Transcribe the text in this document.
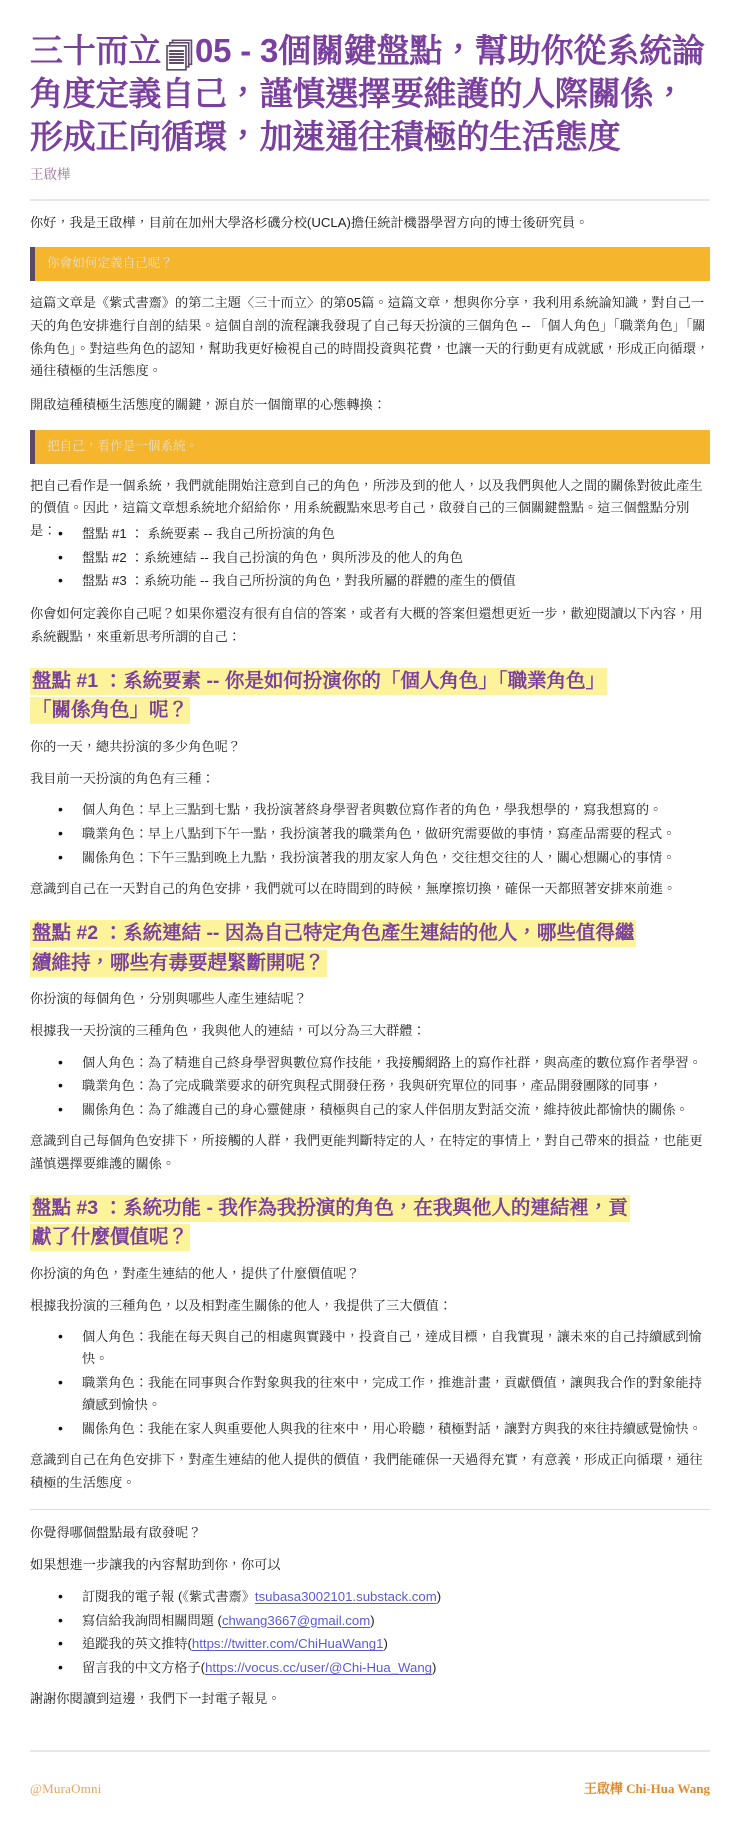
三十而立 🗐05 - 3個關鍵盤點，幫助你從系統論角度定義自己，謹慎選擇要維護的人際關係，形成正向循環，加速通往積極的生活態度
王啟樺

你好，我是王啟樺，目前在加州大學洛杉磯分校(UCLA)擔任統計機器學習方向的博士後研究員。

你會如何定義自己呢？

這篇文章是《紫式書齋》的第二主題〈三十而立〉的第05篇。這篇文章，想與你分享，我利用系統論知識，對自己一天的角色安排進行自剖的結果。這個自剖的流程讓我發現了自己每天扮演的三個角色 -- 「個人角色」「職業角色」「關係角色」。對這些角色的認知，幫助我更好檢視自己的時間投資與花費，也讓一天的行動更有成就感，形成正向循環，通往積極的生活態度。

開啟這種積極生活態度的關鍵，源自於一個簡單的心態轉換：

把自己，看作是一個系統。

把自己看作是一個系統，我們就能開始注意到自己的角色，所涉及到的他人，以及我們與他人之間的關係對彼此產生的價值。因此，這篇文章想系統地介紹給你，用系統觀點來思考自己，啟發自己的三個關鍵盤點。這三個盤點分別是：	• 盤點 #1 ： 系統要素 -- 我自己所扮演的角色
• 盤點 #2 ：系統連結 -- 我自己扮演的角色，與所涉及的他人的角色
• 盤點 #3 ：系統功能 -- 我自己所扮演的角色，對我所屬的群體的產生的價值

你會如何定義你自己呢？如果你還沒有很有自信的答案，或者有大概的答案但還想更近一步，歡迎閱讀以下內容，用系統觀點，來重新思考所謂的自己：

盤點 #1 ：系統要素 -- 你是如何扮演你的「個人角色」「職業角色」
「關係角色」呢？

你的一天，總共扮演的多少角色呢？

我目前一天扮演的角色有三種：

• 個人角色：早上三點到七點，我扮演著終身學習者與數位寫作者的角色，學我想學的，寫我想寫的。
• 職業角色：早上八點到下午一點，我扮演著我的職業角色，做研究需要做的事情，寫產品需要的程式。
• 關係角色：下午三點到晚上九點，我扮演著我的朋友家人角色，交往想交往的人，關心想關心的事情。

意識到自己在一天對自己的角色安排，我們就可以在時間到的時候，無摩擦切換，確保一天都照著安排來前進。

盤點 #2 ：系統連結 -- 因為自己特定角色產生連結的他人，哪些值得繼
續維持，哪些有毒要趕緊斷開呢？

你扮演的每個角色，分別與哪些人產生連結呢？

根據我一天扮演的三種角色，我與他人的連結，可以分為三大群體：

• 個人角色：為了精進自己終身學習與數位寫作技能，我接觸網路上的寫作社群，與高產的數位寫作者學習。
• 職業角色：為了完成職業要求的研究與程式開發任務，我與研究單位的同事，產品開發團隊的同事，
• 關係角色：為了維護自己的身心靈健康，積極與自己的家人伴侶朋友對話交流，維持彼此都愉快的關係。

意識到自己每個角色安排下，所接觸的人群，我們更能判斷特定的人，在特定的事情上，對自己帶來的損益，也能更謹慎選擇要維護的關係。

盤點 #3 ：系統功能 - 我作為我扮演的角色，在我與他人的連結裡，貢
獻了什麼價值呢？

你扮演的角色，對產生連結的他人，提供了什麼價值呢？

根據我扮演的三種角色，以及相對產生關係的他人，我提供了三大價值：

• 個人角色：我能在每天與自己的相處與實踐中，投資自己，達成目標，自我實現，讓未來的自己持續感到愉快。
• 職業角色：我能在同事與合作對象與我的往來中，完成工作，推進計畫，貢獻價值，讓與我合作的對象能持續感到愉快。
• 關係角色：我能在家人與重要他人與我的往來中，用心聆聽，積極對話，讓對方與我的來往持續感覺愉快。

意識到自己在角色安排下，對產生連結的他人提供的價值，我們能確保一天過得充實，有意義，形成正向循環，通往積極的生活態度。

你覺得哪個盤點最有啟發呢？

如果想進一步讓我的內容幫助到你，你可以

• 訂閱我的電子報 (《紫式書齋》tsubasa3002101.substack.com)
• 寫信給我詢問相關問題 (chwang3667@gmail.com)
• 追蹤我的英文推特(https://twitter.com/ChiHuaWang1)
• 留言我的中文方格子(https://vocus.cc/user/@Chi-Hua_Wang)

謝謝你閱讀到這邊，我們下一封電子報見。

@MuraOmni	王啟樺 Chi-Hua Wang
